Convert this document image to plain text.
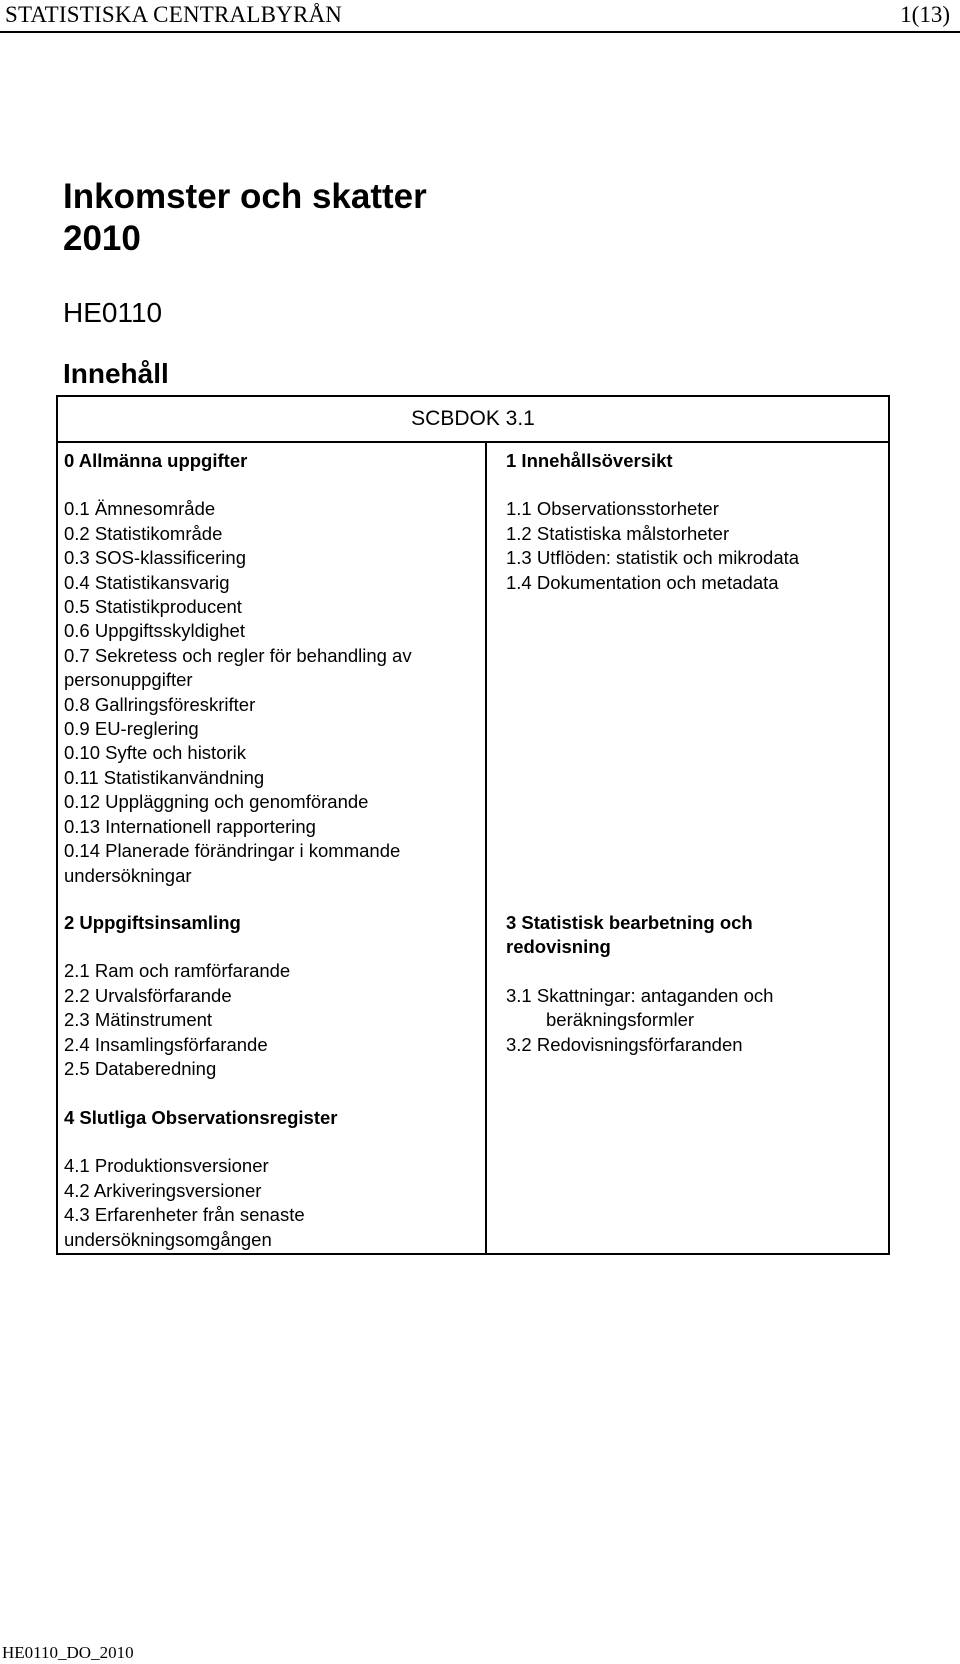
STATISTISKA CENTRALBYRÅN	1(13)
Inkomster och skatter
2010
HE0110
Innehåll
SCBDOK 3.1
0 Allmänna uppgifter
0.1 Ämnesområde
0.2 Statistikområde
0.3 SOS-klassificering
0.4 Statistikansvarig
0.5 Statistikproducent
0.6 Uppgiftsskyldighet
0.7 Sekretess och regler för behandling av personuppgifter
0.8 Gallringsföreskrifter
0.9 EU-reglering
0.10 Syfte och historik
0.11 Statistikanvändning
0.12 Uppläggning och genomförande
0.13 Internationell rapportering
0.14 Planerade förändringar i kommande undersökningar
1 Innehållsöversikt
1.1 Observationsstorheter
1.2 Statistiska målstorheter
1.3 Utflöden: statistik och mikrodata
1.4 Dokumentation och metadata
2 Uppgiftsinsamling
2.1 Ram och ramförfarande
2.2 Urvalsförfarande
2.3 Mätinstrument
2.4 Insamlingsförfarande
2.5 Databeredning
3 Statistisk bearbetning och redovisning
3.1 Skattningar: antaganden och
beräkningsformler
3.2 Redovisningsförfaranden
4 Slutliga Observationsregister
4.1 Produktionsversioner
4.2 Arkiveringsversioner
4.3 Erfarenheter från senaste undersökningsomgången
HE0110_DO_2010
